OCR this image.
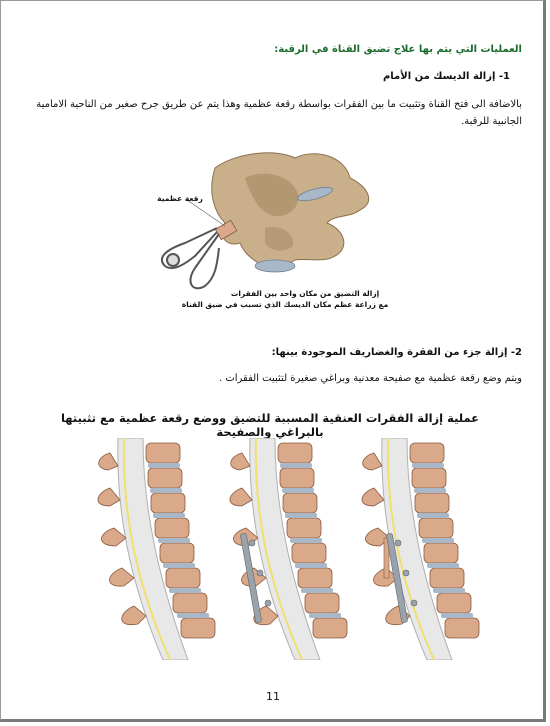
العمليات التي يتم بها علاج تضيق القناة في الرقبة:
1- إزالة الديسك من الأمام
بالاضافة الى فتح القناة وتثبيت ما بين الفقرات بواسطة رقعة عظمية وهذا يتم عن طريق جرح صغير من الناحية الامامية الجانبية للرقبة.
رقعة عظمية
إزالة التضيق من مكان واحد بين الفقرات
مع زراعة عظم مكان الديسك الذي تسبب في ضيق القناة
2- إزالة جزء من الفقرة والغضاريف الموجودة بينها:
ويتم وضع رقعة عظمية مع صفيحة معدنية وبراغي صغيرة لتثبيت الفقرات .
عملية إزالة الفقرات العنقية المسببة للتضيق ووضع رقعة عظمية مع تثبيتها بالبراغي والصفيحة
11
